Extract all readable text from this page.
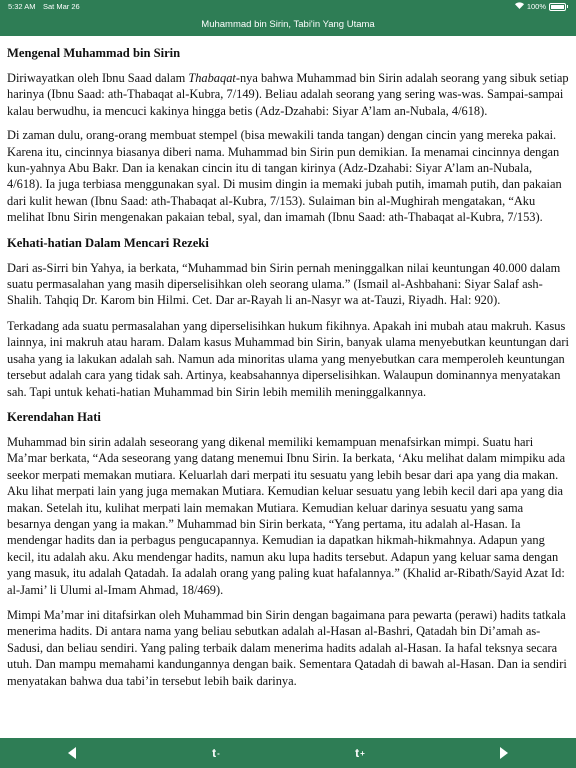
5:32 AM Sat Mar 26	100%
Muhammad bin Sirin, Tabi'in Yang Utama
Mengenal Muhammad bin Sirin

Diriwayatkan oleh Ibnu Saad dalam Thabaqat-nya bahwa Muhammad bin Sirin adalah seorang yang sibuk setiap harinya (Ibnu Saad: ath-Thabaqat al-Kubra, 7/149). Beliau adalah seorang yang sering was-was. Sampai-sampai kalau berwudhu, ia mencuci kakinya hingga betis (Adz-Dzahabi: Siyar A’lam an-Nubala, 4/618).

Di zaman dulu, orang-orang membuat stempel (bisa mewakili tanda tangan) dengan cincin yang mereka pakai. Karena itu, cincinnya biasanya diberi nama. Muhammad bin Sirin pun demikian. Ia menamai cincinnya dengan kun-yahnya Abu Bakr. Dan ia kenakan cincin itu di tangan kirinya (Adz-Dzahabi: Siyar A’lam an-Nubala, 4/618). Ia juga terbiasa menggunakan syal. Di musim dingin ia memaki jubah putih, imamah putih, dan pakaian dari kulit hewan (Ibnu Saad: ath-Thabaqat al-Kubra, 7/153). Sulaiman bin al-Mughirah mengatakan, “Aku melihat Ibnu Sirin mengenakan pakaian tebal, syal, dan imamah (Ibnu Saad: ath-Thabaqat al-Kubra, 7/153).

Kehati-hatian Dalam Mencari Rezeki

Dari as-Sirri bin Yahya, ia berkata, “Muhammad bin Sirin pernah meninggalkan nilai keuntungan 40.000 dalam suatu permasalahan yang masih diperselisihkan oleh seorang ulama.” (Ismail al-Ashbahani: Siyar Salaf ash-Shalih. Tahqiq Dr. Karom bin Hilmi. Cet. Dar ar-Rayah li an-Nasyr wa at-Tauzi, Riyadh. Hal: 920).

Terkadang ada suatu permasalahan yang diperselisihkan hukum fikihnya. Apakah ini mubah atau makruh. Kasus lainnya, ini makruh atau haram. Dalam kasus Muhammad bin Sirin, banyak ulama menyebutkan keuntungan dari usaha yang ia lakukan adalah sah. Namun ada minoritas ulama yang menyebutkan cara memperoleh keuntungan tersebut adalah cara yang tidak sah. Artinya, keabsahannya diperselisihkan. Walaupun dominannya menyatakan sah. Tapi untuk kehati-hatian Muhammad bin Sirin lebih memilih meninggalkannya.

Kerendahan Hati

Muhammad bin sirin adalah seseorang yang dikenal memiliki kemampuan menafsirkan mimpi. Suatu hari Ma’mar berkata, “Ada seseorang yang datang menemui Ibnu Sirin. Ia berkata, ‘Aku melihat dalam mimpiku ada seekor merpati memakan mutiara. Keluarlah dari merpati itu sesuatu yang lebih besar dari apa yang dia makan. Aku lihat merpati lain yang juga memakan Mutiara. Kemudian keluar sesuatu yang lebih kecil dari apa yang dia makan. Setelah itu, kulihat merpati lain memakan Mutiara. Kemudian keluar darinya sesuatu yang sama besarnya dengan yang ia makan.” Muhammad bin Sirin berkata, “Yang pertama, itu adalah al-Hasan. Ia mendengar hadits dan ia perbagus pengucapannya. Kemudian ia dapatkan hikmah-hikmahnya. Adapun yang kecil, itu adalah aku. Aku mendengar hadits, namun aku lupa hadits tersebut. Adapun yang keluar sama dengan yang masuk, itu adalah Qatadah. Ia adalah orang yang paling kuat hafalannya.” (Khalid ar-Ribath/Sayid Azat Id: al-Jami’ li Ulumi al-Imam Ahmad, 18/469).

Mimpi Ma’mar ini ditafsirkan oleh Muhammad bin Sirin dengan bagaimana para pewarta (perawi) hadits tatkala menerima hadits. Di antara nama yang beliau sebutkan adalah al-Hasan al-Bashri, Qatadah bin Di’amah as-Sadusi, dan beliau sendiri. Yang paling terbaik dalam menerima hadits adalah al-Hasan. Ia hafal teksnya secara utuh. Dan mampu memahami kandungannya dengan baik. Sementara Qatadah di bawah al-Hasan. Dan ia sendiri menyatakan bahwa dua tabi’in tersebut lebih baik darinya.

t -	t +
